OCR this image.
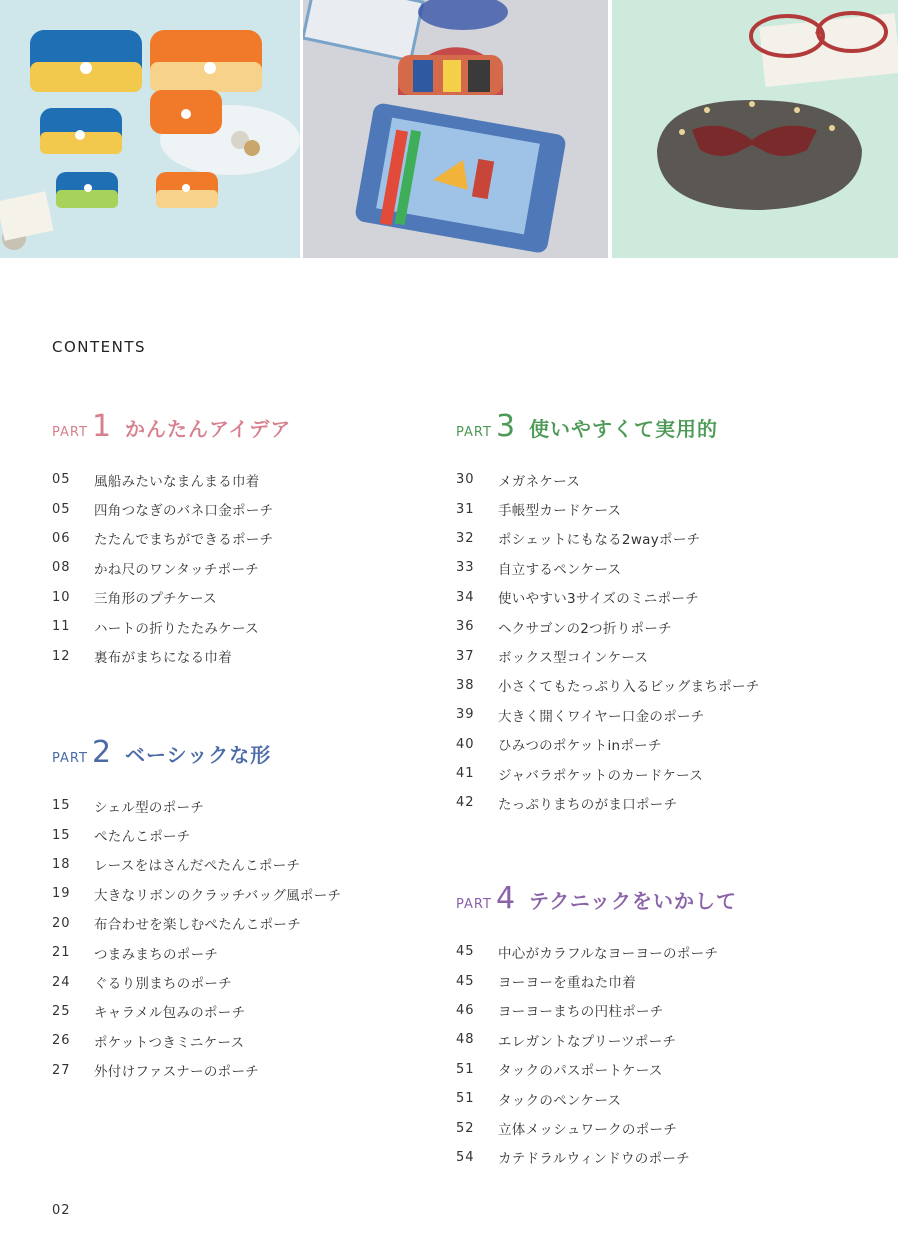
CONTENTS
PART 1 かんたんアイデア
05	風船みたいなまんまる巾着
05	四角つなぎのバネ口金ポーチ
06	たたんでまちができるポーチ
08	かね尺のワンタッチポーチ
10	三角形のプチケース
11	ハートの折りたたみケース
12	裏布がまちになる巾着
PART 2 ベーシックな形
15	シェル型のポーチ
15	ぺたんこポーチ
18	レースをはさんだぺたんこポーチ
19	大きなリボンのクラッチバッグ風ポーチ
20	布合わせを楽しむぺたんこポーチ
21	つまみまちのポーチ
24	ぐるり別まちのポーチ
25	キャラメル包みのポーチ
26	ポケットつきミニケース
27	外付けファスナーのポーチ
PART 3 使いやすくて実用的
30	メガネケース
31	手帳型カードケース
32	ポシェットにもなる2wayポーチ
33	自立するペンケース
34	使いやすい3サイズのミニポーチ
36	ヘクサゴンの2つ折りポーチ
37	ボックス型コインケース
38	小さくてもたっぷり入るビッグまちポーチ
39	大きく開くワイヤー口金のポーチ
40	ひみつのポケットinポーチ
41	ジャバラポケットのカードケース
42	たっぷりまちのがま口ポーチ
PART 4 テクニックをいかして
45	中心がカラフルなヨーヨーのポーチ
45	ヨーヨーを重ねた巾着
46	ヨーヨーまちの円柱ポーチ
48	エレガントなプリーツポーチ
51	タックのパスポートケース
51	タックのペンケース
52	立体メッシュワークのポーチ
54	カテドラルウィンドウのポーチ
02
